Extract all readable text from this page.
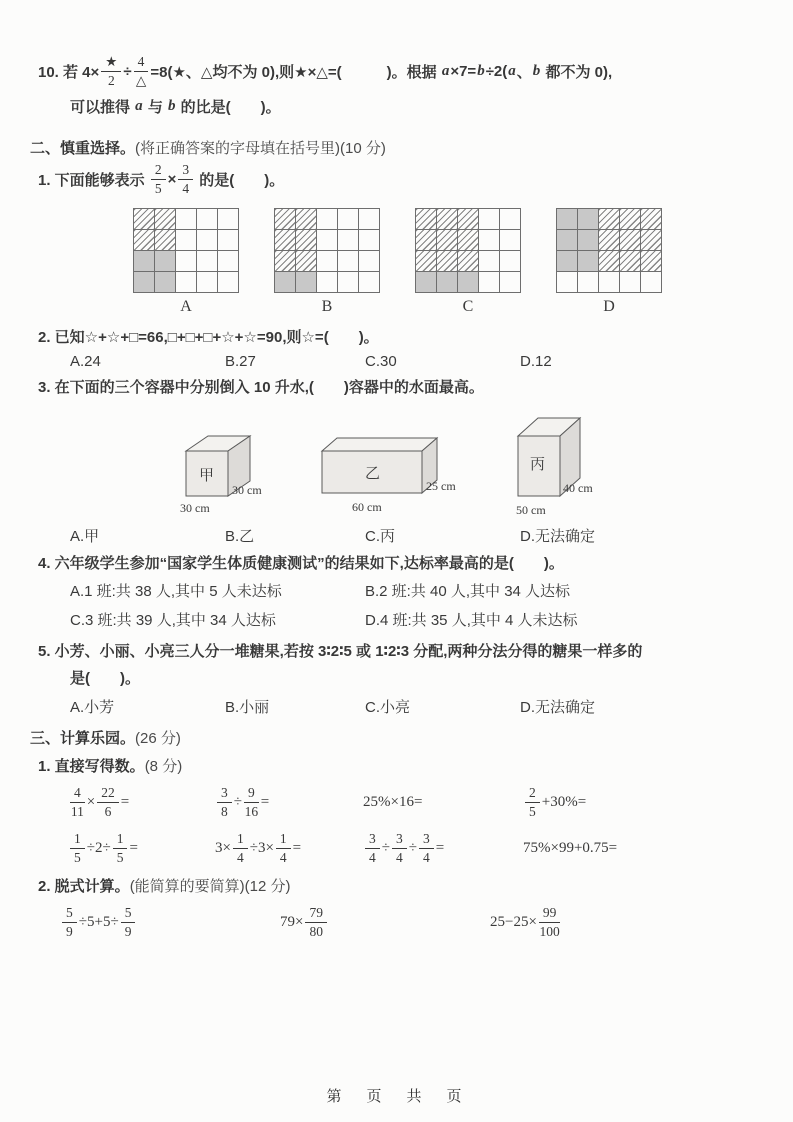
10. 若 $4\times \frac{★}{2} \div \frac{4}{\triangle}$ =8(★、△均不为 0),则★×△=(　　　)。根据 a ×7= b ÷2( a 、 b 都不为 0),
可以推得 a 与 b 的比是(　　)。
二、慎重选择。(将正确答案的字母填在括号里)(10 分)
1. 下面能够表示 $\frac{2}{5} \times \frac{3}{4}$ 的是(　　)。
A	B	C	D
2. 已知☆+☆+□=66,□+□+□+☆+☆=90,则☆=(　　)。
A.24	B.27	C.30	D.12
3. 在下面的三个容器中分别倒入 10 升水,(　　)容器中的水面最高。
甲
30 cm
30 cm
乙
25 cm
60 cm
丙
40 cm
50 cm
A.甲	B.乙	C.丙	D.无法确定
4. 六年级学生参加“国家学生体质健康测试”的结果如下,达标率最高的是(　　)。
A.1 班:共 38 人,其中 5 人未达标	B.2 班:共 40 人,其中 34 人达标
C.3 班:共 39 人,其中 34 人达标	D.4 班:共 35 人,其中 4 人未达标
5. 小芳、小丽、小亮三人分一堆糖果,若按 3∶2∶5 或 1∶2∶3 分配,两种分法分得的糖果一样多的
是(　　)。
A.小芳	B.小丽	C.小亮	D.无法确定
三、计算乐园。(26 分)
1. 直接写得数。(8 分)
$\frac{4}{11} \times \frac{22}{6}$ =	$\frac{3}{8} \div \frac{9}{16}$ =	25%×16=	$\frac{2}{5} +30\%=$
$\frac{1}{5} \div 2\div \frac{1}{5}$ =	$3\times \frac{1}{4} \div 3\times \frac{1}{4}$ =	$\frac{3}{4} \div \frac{3}{4} \div \frac{3}{4}$ =	75%×99+0.75=
2. 脱式计算。(能简算的要简算)(12 分)
$\frac{5}{9} \div 5+5\div \frac{5}{9}$	$79\times \frac{79}{80}$	$25-25\times \frac{99}{100}$
第　页　共　页
